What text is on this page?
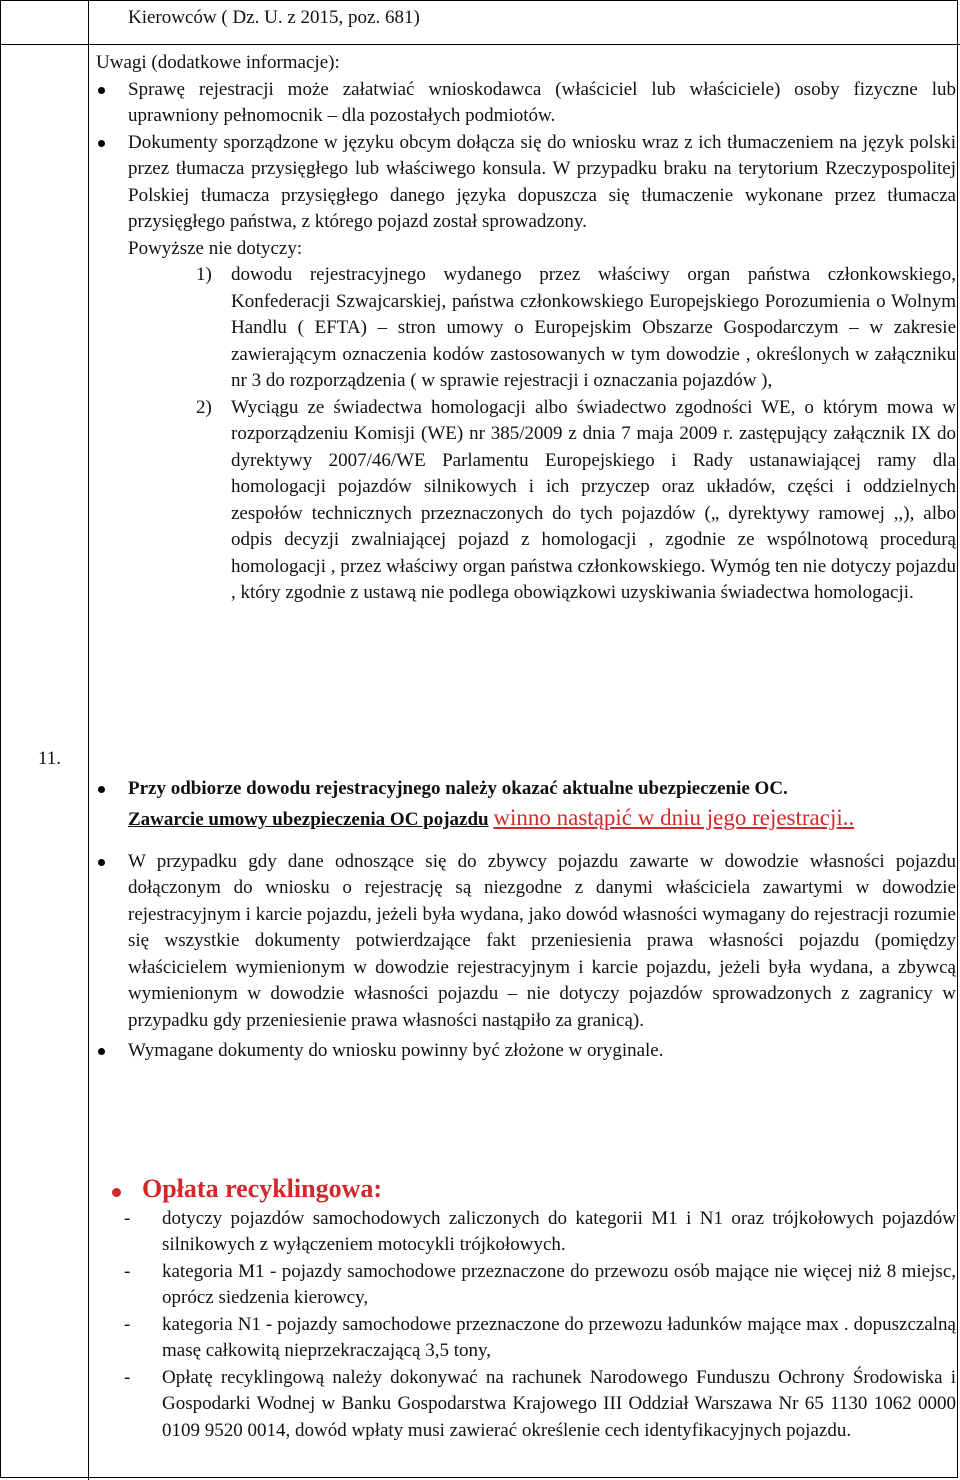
Kierowców ( Dz. U. z 2015, poz. 681)
11.

Uwagi (dodatkowe informacje):

Sprawę rejestracji może załatwiać wnioskodawca (właściciel lub właściciele) osoby fizyczne lub uprawniony pełnomocnik – dla pozostałych podmiotów.

Dokumenty sporządzone w języku obcym dołącza się do wniosku wraz z ich tłumaczeniem na język polski przez tłumacza przysięgłego lub właściwego konsula. W przypadku braku na terytorium Rzeczypospolitej Polskiej tłumacza przysięgłego danego języka dopuszcza się tłumaczenie wykonane przez tłumacza przysięgłego państwa, z którego pojazd został sprowadzony.

Powyższe nie dotyczy:

1) dowodu rejestracyjnego wydanego przez właściwy organ państwa członkowskiego, Konfederacji Szwajcarskiej, państwa członkowskiego Europejskiego Porozumienia o Wolnym Handlu ( EFTA) – stron umowy o Europejskim Obszarze Gospodarczym – w zakresie zawierającym oznaczenia kodów zastosowanych w tym dowodzie , określonych w załączniku nr 3 do rozporządzenia ( w sprawie rejestracji i oznaczania pojazdów ),

2) Wyciągu ze świadectwa homologacji albo świadectwo zgodności WE, o którym mowa w rozporządzeniu Komisji (WE) nr 385/2009 z dnia 7 maja 2009 r. zastępujący załącznik IX do dyrektywy 2007/46/WE Parlamentu Europejskiego i Rady ustanawiającej ramy dla homologacji pojazdów silnikowych i ich przyczep oraz układów, części i oddzielnych zespołów technicznych przeznaczonych do tych pojazdów („ dyrektywy ramowej ,,), albo odpis decyzji zwalniającej pojazd z homologacji , zgodnie ze wspólnotową procedurą homologacji , przez właściwy organ państwa członkowskiego. Wymóg ten nie dotyczy pojazdu , który zgodnie z ustawą nie podlega obowiązkowi uzyskiwania świadectwa homologacji.

Przy odbiorze dowodu rejestracyjnego należy okazać aktualne ubezpieczenie OC.

Zawarcie umowy ubezpieczenia OC pojazdu winno nastąpić w dniu jego rejestracji..

W przypadku gdy dane odnoszące się do zbywcy pojazdu zawarte w dowodzie własności pojazdu dołączonym do wniosku o rejestrację są niezgodne z danymi właściciela zawartymi w dowodzie rejestracyjnym i karcie pojazdu, jeżeli była wydana, jako dowód własności wymagany do rejestracji rozumie się wszystkie dokumenty potwierdzające fakt przeniesienia prawa własności pojazdu (pomiędzy właścicielem wymienionym w dowodzie rejestracyjnym i karcie pojazdu, jeżeli była wydana, a zbywcą wymienionym w dowodzie własności pojazdu – nie dotyczy pojazdów sprowadzonych z zagranicy w przypadku gdy przeniesienie prawa własności nastąpiło za granicą).

Wymagane dokumenty do wniosku powinny być złożone w oryginale.

Opłata recyklingowa:

- dotyczy pojazdów samochodowych zaliczonych do kategorii M1 i N1 oraz trójkołowych pojazdów silnikowych z wyłączeniem motocykli trójkołowych.

- kategoria M1 - pojazdy samochodowe przeznaczone do przewozu osób mające nie więcej niż 8 miejsc, oprócz siedzenia kierowcy,

- kategoria N1 - pojazdy samochodowe przeznaczone do przewozu ładunków mające max . dopuszczalną masę całkowitą nieprzekraczającą 3,5 tony,

- Opłatę recyklingową należy dokonywać na rachunek Narodowego Funduszu Ochrony Środowiska i Gospodarki Wodnej w Banku Gospodarstwa Krajowego III Oddział Warszawa Nr 65 1130 1062 0000 0109 9520 0014, dowód wpłaty musi zawierać określenie cech identyfikacyjnych pojazdu.
